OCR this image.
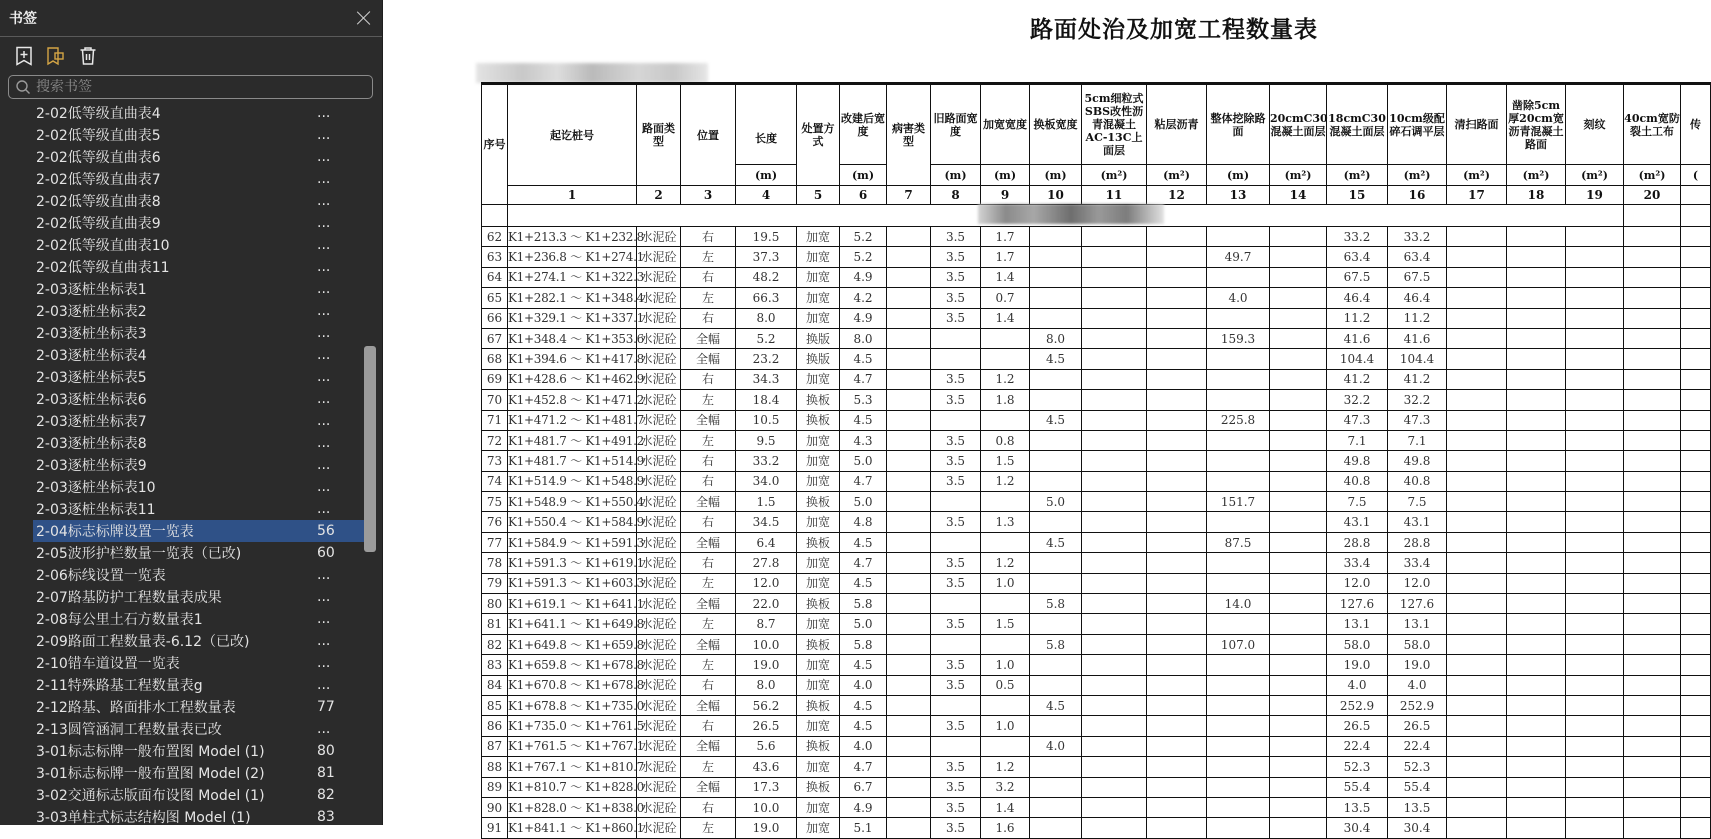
书签
搜索书签
2-02低等级直曲表4	...
2-02低等级直曲表5	...
2-02低等级直曲表6	...
2-02低等级直曲表7	...
2-02低等级直曲表8	...
2-02低等级直曲表9	...
2-02低等级直曲表10	...
2-02低等级直曲表11	...
2-03逐桩坐标表1	...
2-03逐桩坐标表2	...
2-03逐桩坐标表3	...
2-03逐桩坐标表4	...
2-03逐桩坐标表5	...
2-03逐桩坐标表6	...
2-03逐桩坐标表7	...
2-03逐桩坐标表8	...
2-03逐桩坐标表9	...
2-03逐桩坐标表10	...
2-03逐桩坐标表11	...
2-04标志标牌设置一览表	56
2-05波形护栏数量一览表（已改)	60
2-06标线设置一览表	...
2-07路基防护工程数量表成果	...
2-08每公里土石方数量表1	...
2-09路面工程数量表-6.12（已改)	...
2-10错车道设置一览表	...
2-11特殊路基工程数量表g	...
2-12路基、路面排水工程数量表	77
2-13圆管涵洞工程数量表已改	...
3-01标志标牌一般布置图 Model (1)	80
3-01标志标牌一般布置图 Model (2)	81
3-02交通标志版面布设图 Model (1)	82
3-03单柱式标志结构图 Model (1)	83
路面处治及加宽工程数量表
序号	起讫桩号	路面类型	位置	长度	处置方式	改建后宽度	病害类型	旧路面宽度	加宽宽度	换板宽度	5cm细粒式SBS改性沥青混凝土AC-13C上面层	粘层沥青	整体挖除路面	20cmC30混凝土面层	18cmC30混凝土面层	10cm级配碎石调平层	清扫路面	凿除5cm厚20cm宽沥青混凝土路面	刻纹	40cm宽防裂土工布	传
				(m)		(m)		(m)	(m)	(m)	(m²)	(m²)	(m)	(m²)	(m²)	(m²)	(m²)	(m²)	(m²)	(m²)	(
	1	2	3	4	5	6	7	8	9	10	11	12	13	14	15	16	17	18	19	20	

62	K1+213.3 ～ K1+232.8	水泥砼	右	19.5	加宽	5.2		3.5	1.7						33.2	33.2					
63	K1+236.8 ～ K1+274.1	水泥砼	左	37.3	加宽	5.2		3.5	1.7				49.7		63.4	63.4					
64	K1+274.1 ～ K1+322.3	水泥砼	右	48.2	加宽	4.9		3.5	1.4						67.5	67.5					
65	K1+282.1 ～ K1+348.4	水泥砼	左	66.3	加宽	4.2		3.5	0.7				4.0		46.4	46.4					
66	K1+329.1 ～ K1+337.1	水泥砼	右	8.0	加宽	4.9		3.5	1.4						11.2	11.2					
67	K1+348.4 ～ K1+353.6	水泥砼	全幅	5.2	换版	8.0				8.0			159.3		41.6	41.6					
68	K1+394.6 ～ K1+417.8	水泥砼	全幅	23.2	换版	4.5				4.5					104.4	104.4					
69	K1+428.6 ～ K1+462.9	水泥砼	右	34.3	加宽	4.7		3.5	1.2						41.2	41.2					
70	K1+452.8 ～ K1+471.2	水泥砼	左	18.4	换板	5.3		3.5	1.8						32.2	32.2					
71	K1+471.2 ～ K1+481.7	水泥砼	全幅	10.5	换板	4.5				4.5			225.8		47.3	47.3					
72	K1+481.7 ～ K1+491.2	水泥砼	左	9.5	加宽	4.3		3.5	0.8						7.1	7.1					
73	K1+481.7 ～ K1+514.9	水泥砼	右	33.2	加宽	5.0		3.5	1.5						49.8	49.8					
74	K1+514.9 ～ K1+548.9	水泥砼	右	34.0	加宽	4.7		3.5	1.2						40.8	40.8					
75	K1+548.9 ～ K1+550.4	水泥砼	全幅	1.5	换板	5.0				5.0			151.7		7.5	7.5					
76	K1+550.4 ～ K1+584.9	水泥砼	右	34.5	加宽	4.8		3.5	1.3						43.1	43.1					
77	K1+584.9 ～ K1+591.3	水泥砼	全幅	6.4	换板	4.5				4.5			87.5		28.8	28.8					
78	K1+591.3 ～ K1+619.1	水泥砼	右	27.8	加宽	4.7		3.5	1.2						33.4	33.4					
79	K1+591.3 ～ K1+603.3	水泥砼	左	12.0	加宽	4.5		3.5	1.0						12.0	12.0					
80	K1+619.1 ～ K1+641.1	水泥砼	全幅	22.0	换板	5.8				5.8			14.0		127.6	127.6					
81	K1+641.1 ～ K1+649.8	水泥砼	左	8.7	加宽	5.0		3.5	1.5						13.1	13.1					
82	K1+649.8 ～ K1+659.8	水泥砼	全幅	10.0	换板	5.8				5.8			107.0		58.0	58.0					
83	K1+659.8 ～ K1+678.8	水泥砼	左	19.0	加宽	4.5		3.5	1.0						19.0	19.0					
84	K1+670.8 ～ K1+678.8	水泥砼	右	8.0	加宽	4.0		3.5	0.5						4.0	4.0					
85	K1+678.8 ～ K1+735.0	水泥砼	全幅	56.2	换板	4.5				4.5					252.9	252.9					
86	K1+735.0 ～ K1+761.5	水泥砼	右	26.5	加宽	4.5		3.5	1.0						26.5	26.5					
87	K1+761.5 ～ K1+767.1	水泥砼	全幅	5.6	换板	4.0				4.0					22.4	22.4					
88	K1+767.1 ～ K1+810.7	水泥砼	左	43.6	加宽	4.7		3.5	1.2						52.3	52.3					
89	K1+810.7 ～ K1+828.0	水泥砼	全幅	17.3	换板	6.7		3.5	3.2						55.4	55.4					
90	K1+828.0 ～ K1+838.0	水泥砼	右	10.0	加宽	4.9		3.5	1.4						13.5	13.5					
91	K1+841.1 ～ K1+860.1	水泥砼	左	19.0	加宽	5.1		3.5	1.6						30.4	30.4					
